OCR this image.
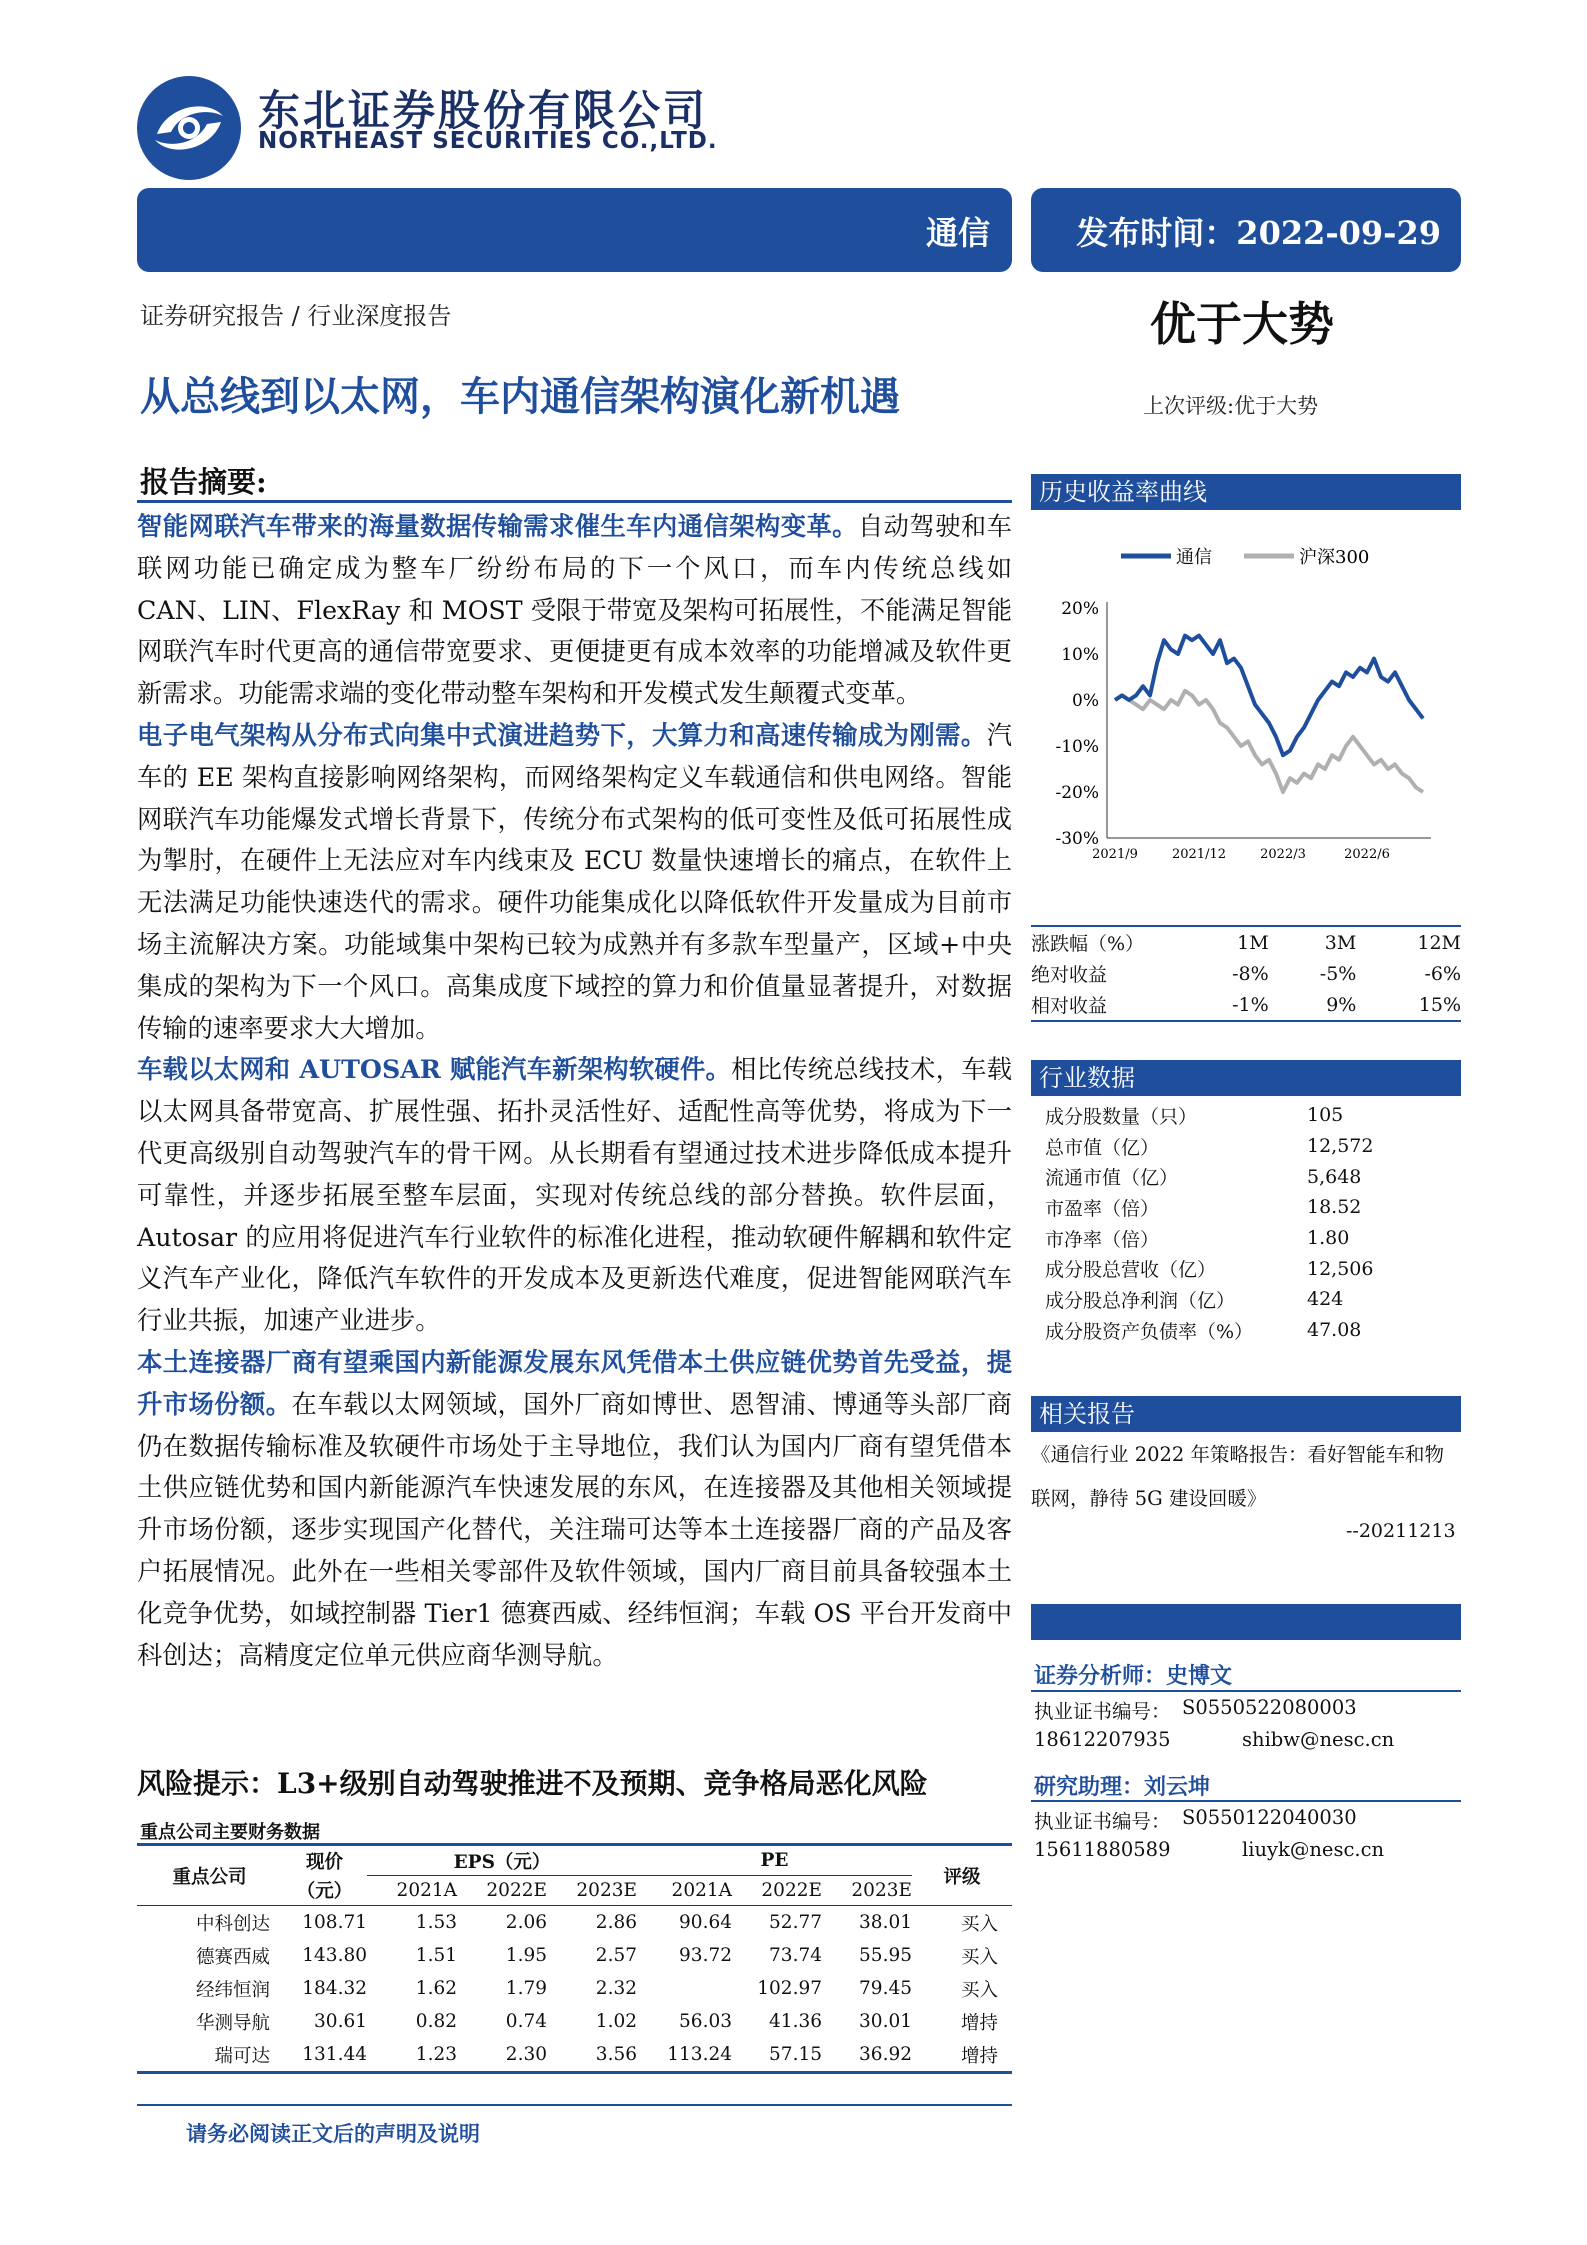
东北证券股份有限公司
NORTHEAST SECURITIES CO.,LTD.
通信	发布时间：2022-09-29
证券研究报告 / 行业深度报告	优于大势
从总线到以太网，车内通信架构演化新机遇	上次评级:优于大势
报告摘要:

智能网联汽车带来的海量数据传输需求催生车内通信架构变革。自动驾驶和车联网功能已确定成为整车厂纷纷布局的下一个风口，而车内传统总线如 CAN、LIN、FlexRay 和 MOST 受限于带宽及架构可拓展性，不能满足智能网联汽车时代更高的通信带宽要求、更便捷更有成本效率的功能增减及软件更新需求。功能需求端的变化带动整车架构和开发模式发生颠覆式变革。

电子电气架构从分布式向集中式演进趋势下，大算力和高速传输成为刚需。汽车的 EE 架构直接影响网络架构，而网络架构定义车载通信和供电网络。智能网联汽车功能爆发式增长背景下，传统分布式架构的低可变性及低可拓展性成为掣肘，在硬件上无法应对车内线束及 ECU 数量快速增长的痛点，在软件上无法满足功能快速迭代的需求。硬件功能集成化以降低软件开发量成为目前市场主流解决方案。功能域集中架构已较为成熟并有多款车型量产，区域+中央集成的架构为下一个风口。高集成度下域控的算力和价值量显著提升，对数据传输的速率要求大大增加。

车载以太网和 AUTOSAR 赋能汽车新架构软硬件。相比传统总线技术，车载以太网具备带宽高、扩展性强、拓扑灵活性好、适配性高等优势，将成为下一代更高级别自动驾驶汽车的骨干网。从长期看有望通过技术进步降低成本提升可靠性，并逐步拓展至整车层面，实现对传统总线的部分替换。软件层面，Autosar 的应用将促进汽车行业软件的标准化进程，推动软硬件解耦和软件定义汽车产业化，降低汽车软件的开发成本及更新迭代难度，促进智能网联汽车行业共振，加速产业进步。

本土连接器厂商有望乘国内新能源发展东风凭借本土供应链优势首先受益，提升市场份额。在车载以太网领域，国外厂商如博世、恩智浦、博通等头部厂商仍在数据传输标准及软硬件市场处于主导地位，我们认为国内厂商有望凭借本土供应链优势和国内新能源汽车快速发展的东风，在连接器及其他相关领域提升市场份额，逐步实现国产化替代，关注瑞可达等本土连接器厂商的产品及客户拓展情况。此外在一些相关零部件及软件领域，国内厂商目前具备较强本土化竞争优势，如域控制器 Tier1 德赛西威、经纬恒润；车载 OS 平台开发商中科创达；高精度定位单元供应商华测导航。

风险提示：L3+级别自动驾驶推进不及预期、竞争格局恶化风险
重点公司主要财务数据
重点公司	现价	EPS（元）			PE			评级
	（元）	2021A	2022E	2023E	2021A	2022E	2023E	
中科创达	108.71	1.53	2.06	2.86	90.64	52.77	38.01	买入
德赛西威	143.80	1.51	1.95	2.57	93.72	73.74	55.95	买入
经纬恒润	184.32	1.62	1.79	2.32		102.97	79.45	买入
华测导航	30.61	0.82	0.74	1.02	56.03	41.36	30.01	增持
瑞可达	131.44	1.23	2.30	3.56	113.24	57.15	36.92	增持
请务必阅读正文后的声明及说明
历史收益率曲线
通信	沪深300
20%
10%
0%
-10%
-20%
-30%
2021/9	2021/12	2022/3	2022/6
涨跌幅（%）	1M	3M	12M
绝对收益	-8%	-5%	-6%
相对收益	-1%	9%	15%
行业数据
成分股数量（只）	105
总市值（亿）	12,572
流通市值（亿）	5,648
市盈率（倍）	18.52
市净率（倍）	1.80
成分股总营收（亿）	12,506
成分股总净利润（亿）	424
成分股资产负债率（%）	47.08
相关报告
《通信行业 2022 年策略报告：看好智能车和物联网，静待 5G 建设回暖》
--20211213
证券分析师：史博文
执业证书编号： S0550522080003
18612207935	shibw@nesc.cn
研究助理：刘云坤
执业证书编号： S0550122040030
15611880589	liuyk@nesc.cn
